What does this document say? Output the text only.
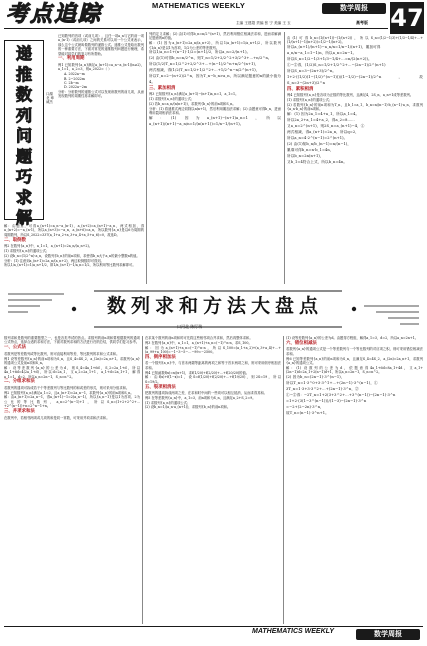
考点追踪	MATHEMATICS WEEKLY	数学周报 47
主编 王建超 责编 张 宁 美编 王 玉	高考版
递
推
数
列
问
题
巧
求
解
口湖北 章诚杰

已知数列的首项（或前几项），且任一项a_n与它的前一项a_(n-1)（或前几项）之间的关系可以用一个公式来表示，那么这个公式就叫做数列的递推公式。递推公式是给出数列的一种重要方法，下面对常见的递推数列问题进行梳理，希望能对同学们的复习有所帮助。

一、利用周期

例1 已知数列{a_n}满足a_(n+1)=a_n−a_(n-1)(n≥2)，a_1=1，a_2=3，则a_2022=（ ）

A. 2022a−m
B. 2−2022m
C. 2b−m
D. 2022a−2m

分析：分析数列的递推公式可以发现该数列的前几项，从而发现数列的周期性再求解即可。

解：由题意，可得a_(n+1)=a_n−a_(n-1)，a_(n+2)=a_(n+1)−a_n，两式相加，得a_(n+2)=−a_(n-1)，所以a_(n+3)=−a_n，a_(n+6)=a_n，所以数列{a_n}是以6为周期的周期数列，所以S_2022=337(a_1+a_2+a_3+a_4+a_5+a_6)=0，故选D。

二、取倒数

例2 在数列{a_n}中，a_1=1，a_(n+1)=2a_n/(a_n+2)。

(1) 求数列{a_n}的通项公式；

(2) 设b_n=(1/2^n)·a_n，设数列{b_n}的前n项和，求使得b_n大于a_n的最小整数n的值。

分析：(1) 注意到a_(n+1)=2a_n/(a_n+2)，两边取倒数即可得到。

所以1/a_(n+1)=1/a_n+1/2，即1/a_(n+1)−1/a_n=1/2，所以利用等比数列求解即可。

列的定义求解；(2) 由(1)可得b_n=n/2^(n+1)，然后利用错位相减法求和，进而求解满足题意的n的值。

解：(1) 因为a_(n+1)=2a_n/(a_n+2)，所以1/a_(n+1)=1/a_n+1/2，所以数列{1/a_n}是以1为首项，1/2为公差的等差数列。

所以1/a_n=1+(n−1)·1/2=(n+1)/2，所以a_n=2/(n+1)。

(2) 由(1)可得b_n=n/2^n，则T_n=1/2+2/2^2+3/2^3+…+n/2^n。

所以(1/2)T_n=1/2^2+2/2^3+…+(n−1)/2^n+n/2^(n+1)，

两式相减，得(1/2)T_n=1/2+1/2^2+…+1/2^n−n/2^(n+1)，

所以T_n=2−(n+2)/2^n，因为T_n−b_n>a_n，所以满足题意的n的最小值为4。

三、累加相消

例3 已知数列{a_n}满足a_(n+1)−(n+1)a_n=1，a_1=1。

(1) 求数列{a_n}的通项公式；

(2) 若b_n=a_n/(n(n+1))，求数列{b_n}的前n项和S_n。

分析：(1) 将递推式两边同除以n(n+1)，然后利用累加法求解；(2) 由题意可得b_n，进而利用裂项相消法求和。

解：(1) 因为a_(n+1)−(n+1)a_n=1，所以a_(n+1)/(n+1)−a_n/n=1/(n(n+1))=1/n−1/(n+1)。

由(1)可得b_n=(1/(n+1))−(1/(n+2))，所以S_n=(1/2−1/3)+(1/3−1/4)+…+(1/(n+1)−1/(n+2))=1/2−1/(n+2)。

所以a_(n+1)/(n+1)−a_n/n=1/n−1/(n+1)，累加可得

a_n/n−a_1=1−1/n，所以a_n=2n−1。

所以S_n=1/2−1/3+1/3−1/4+…=n/(2(n+2))。

①−②得，(1/2)S_n=1/2+1/2^2+…−(2n−1)/2^(n+1)

所以S_n=3−(2n+3)/2^n。

1+2·((1/2)(1−(1/2)^(n−1)))/(1−1/2)−(2n−1)/2^n，故S_n=3−(2n+3)/2^n

四、累积相消

例4 已知数列{a_n}是各项为正数的等比数列，且满足4，2S_n，a_n+1成等差数列。

(1) 求数列{a_n}的通项公式；

(2) 若数列{b_n}的前n项和为T_n，且b_1=a_1，b_n=n/(n−1)·b_(n−1)·a_n，求数列{a_n·b_n}的前n项和。

解：(1) 因为2a_1=4+a_1，所以a_1=4。

所以2a_2+a_1=4+a_2，得a_2=8……

又a_n=2^(n+1)，则2S_n=a_(n+1)−4，①

两式相减，得a_(n+1)=2a_n，所以q=2，

所以a_n=4·2^(n−1)=2^(n+1)。

(2) 由(1)知b_n/b_(n−1)=n/(n−1)，

累乘可得b_n=n·b_1=4n，

所以b_n=2n(n+1)，

又b_1=4符合上式，所以b_n=4n。

数列求和方法大盘点
口河北 陈际瑞

数列求和是数列的重要题型之一，也是各类考试的热点。求数列的前n项和要根据数列的通项公式特点，选择合适的求和方法，下面对数列求和的方法进行归纳总结，供同学们复习参考。

一、公式法

若数列是等差数列或等比数列，则可直接利用等差、等比数列的求和公式求和。

例1 设等差数列{a_n}的前n项和为S_n，且S_4=4S_2，a_(2n)=2a_n+1。求数列{a_n}的通项公式及前n项和S_n。

解：设等差数列{a_n}的公差为d，则S_4=4a_1+6d，S_2=2a_1+d，所以4a_1+6d=4(2a_1+d)，所以d=2a_1，又a_2=2a_1+1，a_1+d=2a_1+1，解得a_1=1，d=2，所以a_n=2n−1，S_n=n^2。

二、分组求和法

若数列的通项可拆成若干个等差数列与等比数列的和或差的形式，则可采用分组求和。

例2 已知数列{a_n}满足a_1=2，且a_(n+1)=2a_n−1，求数列{a_n}的前n项和S_n。

解：由a_(n+1)=2a_n−1，得a_(n+1)−1=2(a_n−1)，所以{a_n−1}是以1为首项、2为公比的等比数列，a_n=2^(n−1)+1，所以S_n=(1+2+2^2+…+2^(n−1))+n=2^n−1+n。

三、并项求和法

在数列中，若相邻两项或几项的和是同一常数，可采用并项求和法求和。

在求某个数列的前n项和时可先将这些相邻项合并求和，然后再整体求和。

例3 在数列{a_n}中，a_1=1，a_(n+1)+a_n=(−1)^n·n，求S_100。

解：因为a_(n+1)+a_n=(−1)^n·n，所以S_100=(a_1+a_2)+(a_3+a_4)+…+(a_99+a_100)=−1−3−5−…−99=−2500。

四、倒序相加法

若一个数列{a_n}中，与首末两端等距离的两项之和等于首末两项之和，则可采用倒序相加法求和。

例4 已知函数f(x)=x/(x+1)，求f(1/20)+f(2/20)+…+f(20/20)的值。

解：由f(x)+f(1−x)=1，设S=f(1/20)+f(2/20)+…+f(19/20)，则2S=19，所以S=19/2。

五、裂项相消法

把数列的通项拆成两项之差，在求和时中间的一些项可以相互抵消，从而求得其和。

例5 在等差数列{a_n}中，a_1=3，前n项和为S_n，且满足a_2+S_2=9。

(1) 求数列{a_n}的通项公式；

(2) 设b_n=1/(a_n·a_(n+1))，求数列{b_n}的前n项和。

(1) 设等差数列{a_n}的公差为d。由题得方程组，解得a_1=3，d=2，所以a_n=2n+1。

六、错位相减法

若数列{a_n}的通项公式是一个等差数列与一个等比数列的对应项之积，则可采用错位相减法求和。

例6 已知等差数列{a_n}的前n项和为S_n，且满足S_4=4S_2，a_(2n)=2a_n+1，求数列{a_n}的通项公式。

解：(1) 设数列的公差为d，依题意得4a_1+6d=8a_1+4d，又a_1+(2n−1)d=2a_1+2(n−1)d+1，所以a_n=2n−1，S_n=n^2。

(2) 因为b_n=(2n−1)·3^(n−1)，

所以T_n=1·3^0+3·3^1+…+(2n−1)·3^(n−1)，①

3T_n=1·3+3·3^2+…+(2n−1)·3^n，②

①−②得：−2T_n=1+2(3+3^2+…+3^(n−1))−(2n−1)·3^n

=1+2·(3(1−3^(n−1)))/(1−3)−(2n−1)·3^n

=−2+(2−2n)·3^n，

故T_n=(n−1)·3^n+1。

MATHEMATICS WEEKLY	数学周报
